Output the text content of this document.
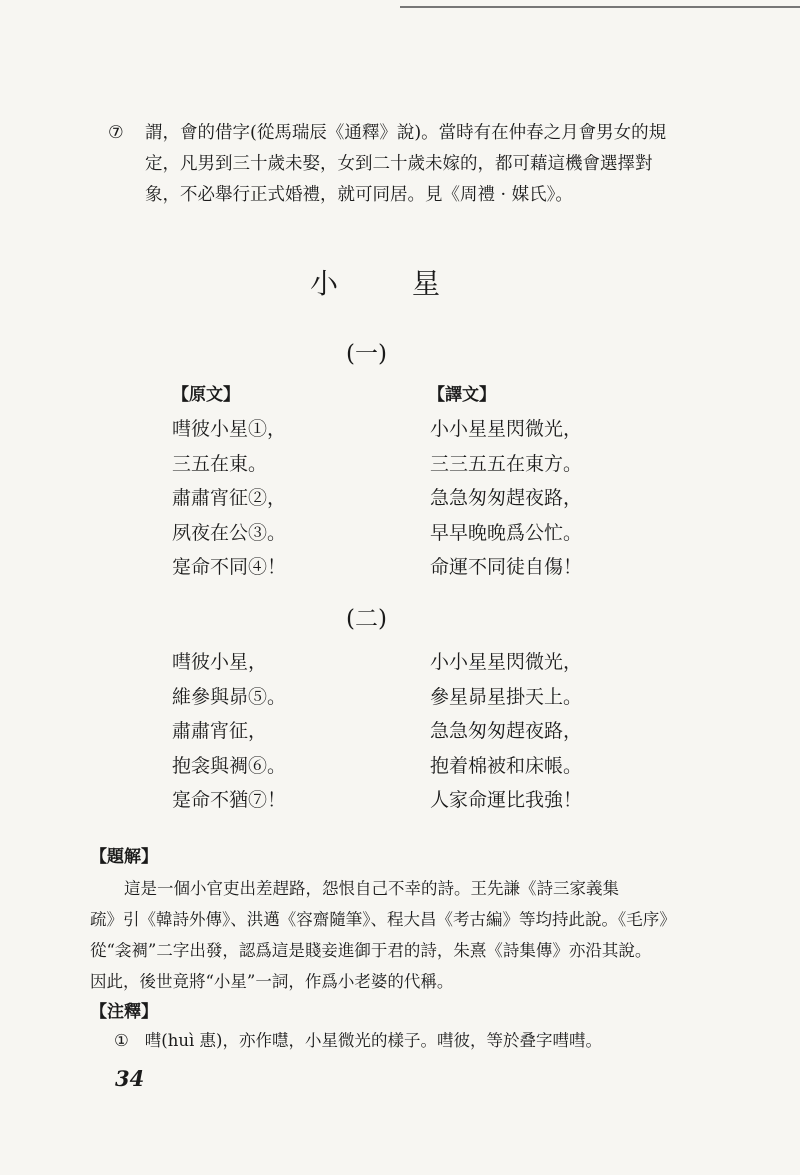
⑦ 謂，會的借字(從馬瑞辰《通釋》說)。當時有在仲春之月會男女的規
定，凡男到三十歲未娶，女到二十歲未嫁的，都可藉這機會選擇對
象，不必舉行正式婚禮，就可同居。見《周禮 · 媒氏》。
小	星
(一)
【原文】	【譯文】
嘒彼小星①，
三五在東。
肅肅宵征②，
夙夜在公③。
寔命不同④！
小小星星閃微光，
三三五五在東方。
急急匆匆趕夜路，
早早晚晚爲公忙。
命運不同徒自傷！
(二)
嘒彼小星，
維參與昴⑤。
肅肅宵征，
抱衾與裯⑥。
寔命不猶⑦！
小小星星閃微光，
參星昴星掛天上。
急急匆匆趕夜路，
抱着棉被和床帳。
人家命運比我強！
【題解】
這是一個小官吏出差趕路，怨恨自己不幸的詩。王先謙《詩三家義集
疏》引《韓詩外傳》、洪邁《容齋隨筆》、程大昌《考古編》等均持此說。《毛序》
從“衾裯”二字出發，認爲這是賤妾進御于君的詩，朱熹《詩集傳》亦沿其說。
因此，後世竟將“小星”一詞，作爲小老婆的代稱。
【注釋】
① 嘒(huì 惠)，亦作嚖，小星微光的樣子。嘒彼，等於叠字嘒嘒。
34
